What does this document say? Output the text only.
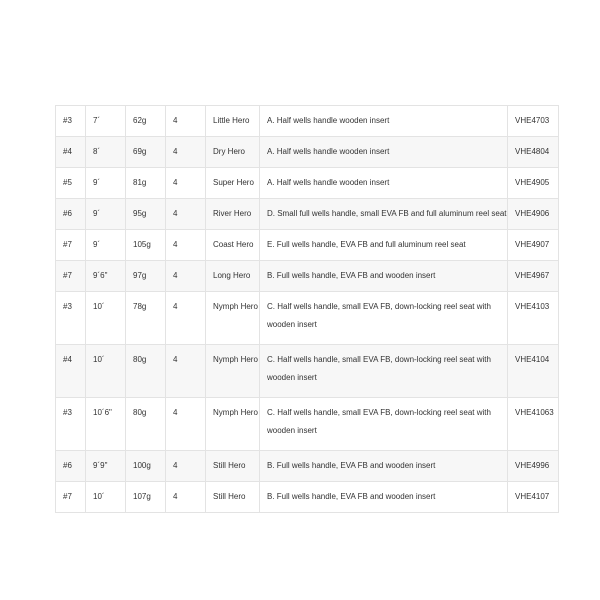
#3	7´	62g	4	Little Hero	A. Half wells handle wooden insert	VHE4703
#4	8´	69g	4	Dry Hero	A. Half wells handle wooden insert	VHE4804
#5	9´	81g	4	Super Hero	A. Half wells handle wooden insert	VHE4905
#6	9´	95g	4	River Hero	D. Small full wells handle, small EVA FB and full aluminum reel seat	VHE4906
#7	9´	105g	4	Coast Hero	E. Full wells handle, EVA FB and full aluminum reel seat	VHE4907
#7	9´6"	97g	4	Long Hero	B. Full wells handle, EVA FB and wooden insert	VHE4967
#3	10´	78g	4	Nymph Hero	C. Half wells handle, small EVA FB, down-locking reel seat with wooden insert	VHE4103
#4	10´	80g	4	Nymph Hero	C. Half wells handle, small EVA FB, down-locking reel seat with wooden insert	VHE4104
#3	10´6"	80g	4	Nymph Hero	C. Half wells handle, small EVA FB, down-locking reel seat with wooden insert	VHE41063
#6	9´9"	100g	4	Still Hero	B. Full wells handle, EVA FB and wooden insert	VHE4996
#7	10´	107g	4	Still Hero	B. Full wells handle, EVA FB and wooden insert	VHE4107
